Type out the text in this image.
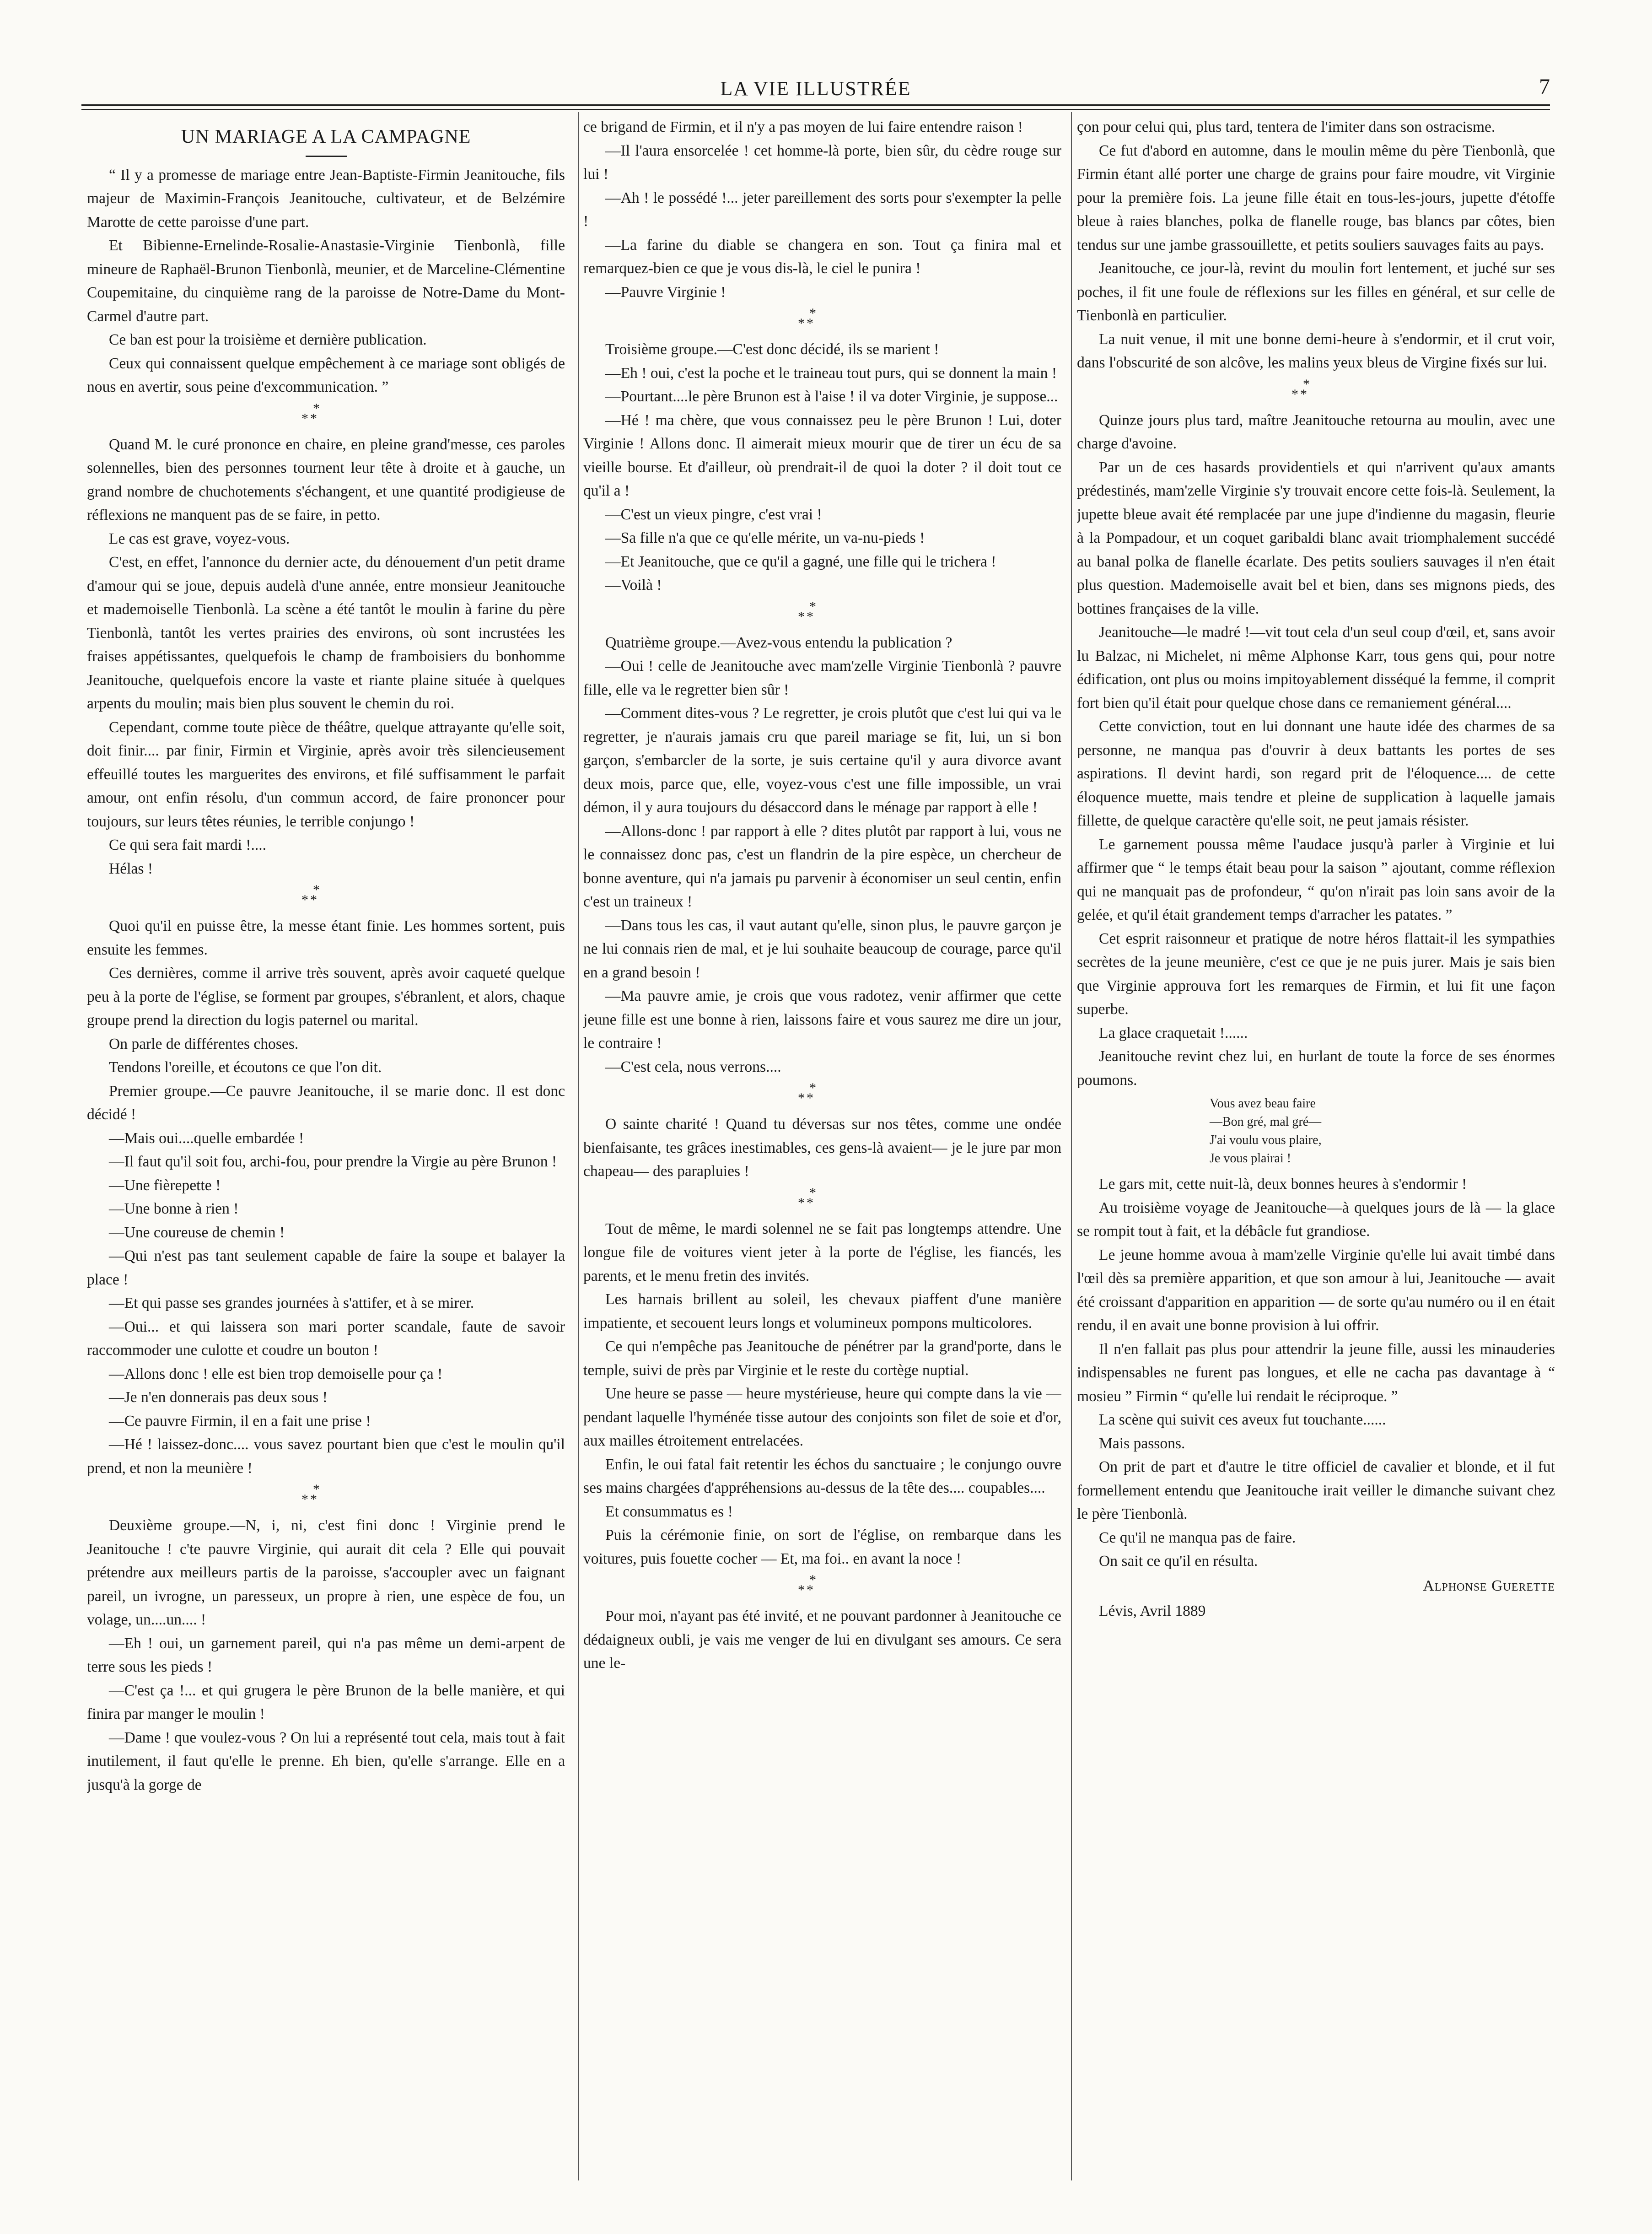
LA VIE ILLUSTRÉE	7

UN MARIAGE A LA CAMPAGNE

“ Il y a promesse de mariage entre Jean-Baptiste-Firmin Jeanitouche, fils majeur de Maximin-François Jeanitouche, cultivateur, et de Belzémire Marotte de cette paroisse d'une part.

Et Bibienne-Ernelinde-Rosalie-Anastasie-Virginie Tienbonlà, fille mineure de Raphaël-Brunon Tienbonlà, meunier, et de Marceline-Clémentine Coupemitaine, du cinquième rang de la paroisse de Notre-Dame du Mont-Carmel d'autre part.

Ce ban est pour la troisième et dernière publication.

Ceux qui connaissent quelque empêchement à ce mariage sont obligés de nous en avertir, sous peine d'excommunication. ”

***

Quand M. le curé prononce en chaire, en pleine grand'messe, ces paroles solennelles, bien des personnes tournent leur tête à droite et à gauche, un grand nombre de chuchotements s'échangent, et une quantité prodigieuse de réflexions ne manquent pas de se faire, in petto.

Le cas est grave, voyez-vous.

C'est, en effet, l'annonce du dernier acte, du dénouement d'un petit drame d'amour qui se joue, depuis audelà d'une année, entre monsieur Jeanitouche et mademoiselle Tienbonlà. La scène a été tantôt le moulin à farine du père Tienbonlà, tantôt les vertes prairies des environs, où sont incrustées les fraises appétissantes, quelquefois le champ de framboisiers du bonhomme Jeanitouche, quelquefois encore la vaste et riante plaine située à quelques arpents du moulin; mais bien plus souvent le chemin du roi.

Cependant, comme toute pièce de théâtre, quelque attrayante qu'elle soit, doit finir.... par finir, Firmin et Virginie, après avoir très silencieusement effeuillé toutes les marguerites des environs, et filé suffisamment le parfait amour, ont enfin résolu, d'un commun accord, de faire prononcer pour toujours, sur leurs têtes réunies, le terrible conjungo !

Ce qui sera fait mardi !....

Hélas !

***

Quoi qu'il en puisse être, la messe étant finie. Les hommes sortent, puis ensuite les femmes.

Ces dernières, comme il arrive très souvent, après avoir caqueté quelque peu à la porte de l'église, se forment par groupes, s'ébranlent, et alors, chaque groupe prend la direction du logis paternel ou marital.

On parle de différentes choses.

Tendons l'oreille, et écoutons ce que l'on dit.

Premier groupe.—Ce pauvre Jeanitouche, il se marie donc. Il est donc décidé !

—Mais oui....quelle embardée !

—Il faut qu'il soit fou, archi-fou, pour prendre la Virgie au père Brunon !

—Une fièrepette !

—Une bonne à rien !

—Une coureuse de chemin !

—Qui n'est pas tant seulement capable de faire la soupe et balayer la place !

—Et qui passe ses grandes journées à s'attifer, et à se mirer.

—Oui... et qui laissera son mari porter scandale, faute de savoir raccommoder une culotte et coudre un bouton !

—Allons donc ! elle est bien trop demoiselle pour ça !

—Je n'en donnerais pas deux sous !

—Ce pauvre Firmin, il en a fait une prise !

—Hé ! laissez-donc.... vous savez pourtant bien que c'est le moulin qu'il prend, et non la meunière !

***

Deuxième groupe.—N, i, ni, c'est fini donc ! Virginie prend le Jeanitouche ! c'te pauvre Virginie, qui aurait dit cela ? Elle qui pouvait prétendre aux meilleurs partis de la paroisse, s'accoupler avec un faignant pareil, un ivrogne, un paresseux, un propre à rien, une espèce de fou, un volage, un....un.... !

—Eh ! oui, un garnement pareil, qui n'a pas même un demi-arpent de terre sous les pieds !

—C'est ça !... et qui grugera le père Brunon de la belle manière, et qui finira par manger le moulin !

—Dame ! que voulez-vous ? On lui a représenté tout cela, mais tout à fait inutilement, il faut qu'elle le prenne. Eh bien, qu'elle s'arrange. Elle en a jusqu'à la gorge de

ce brigand de Firmin, et il n'y a pas moyen de lui faire entendre raison !

—Il l'aura ensorcelée ! cet homme-là porte, bien sûr, du cèdre rouge sur lui !

—Ah ! le possédé !... jeter pareillement des sorts pour s'exempter la pelle !

—La farine du diable se changera en son. Tout ça finira mal et remarquez-bien ce que je vous dis-là, le ciel le punira !

—Pauvre Virginie !

***

Troisième groupe.—C'est donc décidé, ils se marient !

—Eh ! oui, c'est la poche et le traineau tout purs, qui se donnent la main !

—Pourtant....le père Brunon est à l'aise ! il va doter Virginie, je suppose...

—Hé ! ma chère, que vous connaissez peu le père Brunon ! Lui, doter Virginie ! Allons donc. Il aimerait mieux mourir que de tirer un écu de sa vieille bourse. Et d'ailleur, où prendrait-il de quoi la doter ? il doit tout ce qu'il a !

—C'est un vieux pingre, c'est vrai !

—Sa fille n'a que ce qu'elle mérite, un va-nu-pieds !

—Et Jeanitouche, que ce qu'il a gagné, une fille qui le trichera !

—Voilà !

***

Quatrième groupe.—Avez-vous entendu la publication ?

—Oui ! celle de Jeanitouche avec mam'zelle Virginie Tienbonlà ? pauvre fille, elle va le regretter bien sûr !

—Comment dites-vous ? Le regretter, je crois plutôt que c'est lui qui va le regretter, je n'aurais jamais cru que pareil mariage se fit, lui, un si bon garçon, s'embarcler de la sorte, je suis certaine qu'il y aura divorce avant deux mois, parce que, elle, voyez-vous c'est une fille impossible, un vrai démon, il y aura toujours du désaccord dans le ménage par rapport à elle !

—Allons-donc ! par rapport à elle ? dites plutôt par rapport à lui, vous ne le connaissez donc pas, c'est un flandrin de la pire espèce, un chercheur de bonne aventure, qui n'a jamais pu parvenir à économiser un seul centin, enfin c'est un traineux !

—Dans tous les cas, il vaut autant qu'elle, sinon plus, le pauvre garçon je ne lui connais rien de mal, et je lui souhaite beaucoup de courage, parce qu'il en a grand besoin !

—Ma pauvre amie, je crois que vous radotez, venir affirmer que cette jeune fille est une bonne à rien, laissons faire et vous saurez me dire un jour, le contraire !

—C'est cela, nous verrons....

***

O sainte charité ! Quand tu déversas sur nos têtes, comme une ondée bienfaisante, tes grâces inestimables, ces gens-là avaient— je le jure par mon chapeau— des parapluies !

***

Tout de même, le mardi solennel ne se fait pas longtemps attendre. Une longue file de voitures vient jeter à la porte de l'église, les fiancés, les parents, et le menu fretin des invités.

Les harnais brillent au soleil, les chevaux piaffent d'une manière impatiente, et secouent leurs longs et volumineux pompons multicolores.

Ce qui n'empêche pas Jeanitouche de pénétrer par la grand'porte, dans le temple, suivi de près par Virginie et le reste du cortège nuptial.

Une heure se passe — heure mystérieuse, heure qui compte dans la vie — pendant laquelle l'hyménée tisse autour des conjoints son filet de soie et d'or, aux mailles étroitement entrelacées.

Enfin, le oui fatal fait retentir les échos du sanctuaire ; le conjungo ouvre ses mains chargées d'appréhensions au-dessus de la tête des.... coupables....

Et consummatus es !

Puis la cérémonie finie, on sort de l'église, on rembarque dans les voitures, puis fouette cocher — Et, ma foi.. en avant la noce !

***

Pour moi, n'ayant pas été invité, et ne pouvant pardonner à Jeanitouche ce dédaigneux oubli, je vais me venger de lui en divulgant ses amours. Ce sera une le-

çon pour celui qui, plus tard, tentera de l'imiter dans son ostracisme.

Ce fut d'abord en automne, dans le moulin même du père Tienbonlà, que Firmin étant allé porter une charge de grains pour faire moudre, vit Virginie pour la première fois. La jeune fille était en tous-les-jours, jupette d'étoffe bleue à raies blanches, polka de flanelle rouge, bas blancs par côtes, bien tendus sur une jambe grassouillette, et petits souliers sauvages faits au pays.

Jeanitouche, ce jour-là, revint du moulin fort lentement, et juché sur ses poches, il fit une foule de réflexions sur les filles en général, et sur celle de Tienbonlà en particulier.

La nuit venue, il mit une bonne demi-heure à s'endormir, et il crut voir, dans l'obscurité de son alcôve, les malins yeux bleus de Virgine fixés sur lui.

***

Quinze jours plus tard, maître Jeanitouche retourna au moulin, avec une charge d'avoine.

Par un de ces hasards providentiels et qui n'arrivent qu'aux amants prédestinés, mam'zelle Virginie s'y trouvait encore cette fois-là. Seulement, la jupette bleue avait été remplacée par une jupe d'indienne du magasin, fleurie à la Pompadour, et un coquet garibaldi blanc avait triomphalement succédé au banal polka de flanelle écarlate. Des petits souliers sauvages il n'en était plus question. Mademoiselle avait bel et bien, dans ses mignons pieds, des bottines françaises de la ville.

Jeanitouche—le madré !—vit tout cela d'un seul coup d'œil, et, sans avoir lu Balzac, ni Michelet, ni même Alphonse Karr, tous gens qui, pour notre édification, ont plus ou moins impitoyablement disséqué la femme, il comprit fort bien qu'il était pour quelque chose dans ce remaniement général....

Cette conviction, tout en lui donnant une haute idée des charmes de sa personne, ne manqua pas d'ouvrir à deux battants les portes de ses aspirations. Il devint hardi, son regard prit de l'éloquence.... de cette éloquence muette, mais tendre et pleine de supplication à laquelle jamais fillette, de quelque caractère qu'elle soit, ne peut jamais résister.

Le garnement poussa même l'audace jusqu'à parler à Virginie et lui affirmer que “ le temps était beau pour la saison ” ajoutant, comme réflexion qui ne manquait pas de profondeur, “ qu'on n'irait pas loin sans avoir de la gelée, et qu'il était grandement temps d'arracher les patates. ”

Cet esprit raisonneur et pratique de notre héros flattait-il les sympathies secrètes de la jeune meunière, c'est ce que je ne puis jurer. Mais je sais bien que Virginie approuva fort les remarques de Firmin, et lui fit une façon superbe.

La glace craquetait !......

Jeanitouche revint chez lui, en hurlant de toute la force de ses énormes poumons.

Vous avez beau faire
—Bon gré, mal gré—
J'ai voulu vous plaire,
Je vous plairai !

Le gars mit, cette nuit-là, deux bonnes heures à s'endormir !

Au troisième voyage de Jeanitouche—à quelques jours de là — la glace se rompit tout à fait, et la débâcle fut grandiose.

Le jeune homme avoua à mam'zelle Virginie qu'elle lui avait timbé dans l'œil dès sa première apparition, et que son amour à lui, Jeanitouche — avait été croissant d'apparition en apparition — de sorte qu'au numéro ou il en était rendu, il en avait une bonne provision à lui offrir.

Il n'en fallait pas plus pour attendrir la jeune fille, aussi les minauderies indispensables ne furent pas longues, et elle ne cacha pas davantage à “ mosieu ” Firmin “ qu'elle lui rendait le réciproque. ”

La scène qui suivit ces aveux fut touchante......

Mais passons.

On prit de part et d'autre le titre officiel de cavalier et blonde, et il fut formellement entendu que Jeanitouche irait veiller le dimanche suivant chez le père Tienbonlà.

Ce qu'il ne manqua pas de faire.

On sait ce qu'il en résulta.

Alphonse Guerette

Lévis, Avril 1889
